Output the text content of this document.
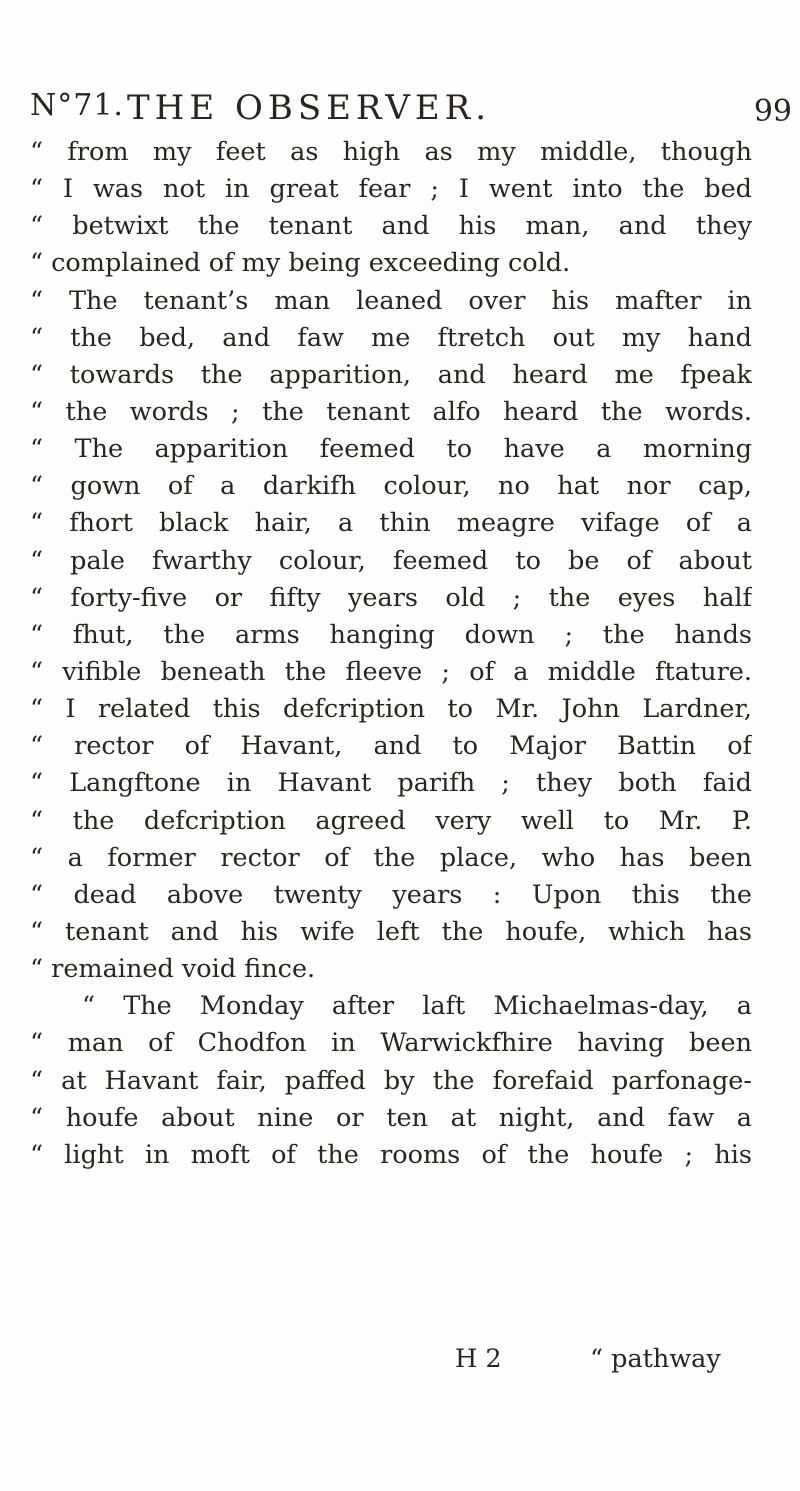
N°71. THE OBSERVER.	99
“ from my feet as high as my middle, though
“ I was not in great fear ; I went into the bed
“ betwixt the tenant and his man, and they
“ complained of my being exceeding cold.
“ The tenant’s man leaned over his mafter in
“ the bed, and faw me ftretch out my hand
“ towards the apparition, and heard me fpeak
“ the words ; the tenant alfo heard the words.
“ The apparition feemed to have a morning
“ gown of a darkifh colour, no hat nor cap,
“ fhort black hair, a thin meagre vifage of a
“ pale fwarthy colour, feemed to be of about
“ forty-five or fifty years old ; the eyes half
“ fhut, the arms hanging down ; the hands
“ vifible beneath the fleeve ; of a middle ftature.
“ I related this defcription to Mr. John Lardner,
“ rector of Havant, and to Major Battin of
“ Langftone in Havant parifh ; they both faid
“ the defcription agreed very well to Mr. P.
“ a former rector of the place, who has been
“ dead above twenty years : Upon this the
“ tenant and his wife left the houfe, which has
“ remained void fince.
“ The Monday after laft Michaelmas-day, a
“ man of Chodfon in Warwickfhire having been
“ at Havant fair, paffed by the forefaid parfonage-
“ houfe about nine or ten at night, and faw a
“ light in moft of the rooms of the houfe ; his
H 2	“ pathway
